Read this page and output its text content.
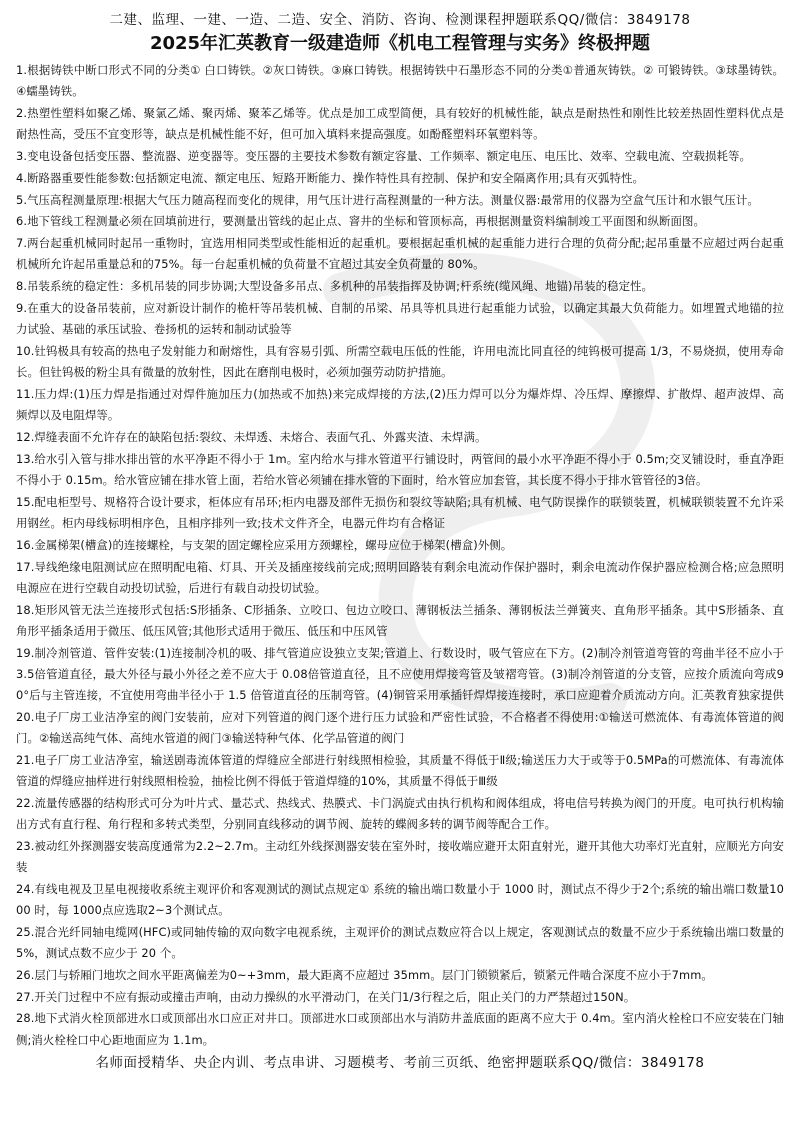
二建、监理、一建、一造、二造、安全、消防、咨询、检测课程押题联系QQ/微信：3849178
2025年汇英教育一级建造师《机电工程管理与实务》终极押题

1.根据铸铁中断口形式不同的分类① 白口铸铁。②灰口铸铁。③麻口铸铁。根据铸铁中石墨形态不同的分类①普通灰铸铁。② 可锻铸铁。③球墨铸铁。④蠕墨铸铁。

2.热塑性塑料如聚乙烯、聚氯乙烯、聚丙烯、聚苯乙烯等。优点是加工成型简便，具有较好的机械性能，缺点是耐热性和刚性比较差热固性塑料优点是耐热性高，受压不宜变形等，缺点是机械性能不好，但可加入填料来提高强度。如酚醛塑料环氧塑料等。

3.变电设备包括变压器、整流器、逆变器等。变压器的主要技术参数有额定容量、工作频率、额定电压、电压比、效率、空载电流、空载损耗等。

4.断路器重要性能参数:包括额定电流、额定电压、短路开断能力、操作特性具有控制、保护和安全隔离作用;具有灭弧特性。

5.气压高程测量原理:根据大气压力随高程而变化的规律，用气压计进行高程测量的一种方法。测量仪器:最常用的仪器为空盒气压计和水银气压计。

6.地下管线工程测量必须在回填前进行，要测量出管线的起止点、窨井的坐标和管顶标高，再根据测量资料编制竣工平面图和纵断面图。

7.两台起重机械同时起吊一重物时，宜选用相同类型或性能相近的起重机。要根据起重机械的起重能力进行合理的负荷分配;起吊重量不应超过两台起重机械所允许起吊重量总和的75%。每一台起重机械的负荷量不宜超过其安全负荷量的 80%。

8.吊装系统的稳定性：多机吊装的同步协调;大型设备多吊点、多机种的吊装指挥及协调;杆系统(缆风绳、地锚)吊装的稳定性。

9.在重大的设备吊装前，应对新设计制作的桅杆等吊装机械、自制的吊梁、吊具等机具进行起重能力试验，以确定其最大负荷能力。如埋置式地锚的拉力试验、基础的承压试验、卷扬机的运转和制动试验等

10.钍钨极具有较高的热电子发射能力和耐熔性，具有容易引弧、所需空载电压低的性能，许用电流比同直径的纯钨极可提高 1/3，不易烧损，使用寿命长。但钍钨极的粉尘具有微量的放射性，因此在磨削电极时，必须加强劳动防护措施。

11.压力焊:(1)压力焊是指通过对焊件施加压力(加热或不加热)来完成焊接的方法,(2)压力焊可以分为爆炸焊、冷压焊、摩擦焊、扩散焊、超声波焊、高频焊以及电阻焊等。

12.焊缝表面不允许存在的缺陷包括:裂纹、未焊透、未熔合、表面气孔、外露夹渣、未焊满。

13.给水引入管与排水排出管的水平净距不得小于 1m。室内给水与排水管道平行铺设时，两管间的最小水平净距不得小于 0.5m;交叉铺设时，垂直净距不得小于 0.15m。给水管应铺在排水管上面，若给水管必须铺在排水管的下面时，给水管应加套管，其长度不得小于排水管管径的3倍。

15.配电柜型号、规格符合设计要求，柜体应有吊环;柜内电器及部件无损伤和裂纹等缺陷;具有机械、电气防误操作的联锁装置，机械联锁装置不允许采用钢丝。柜内母线标明相序色，且相序排列一致;技术文件齐全，电器元件均有合格证

16.金属梯架(槽盒)的连接螺栓，与支架的固定螺栓应采用方颈螺栓，螺母应位于梯架(槽盒)外侧。

17.导线绝缘电阻测试应在照明配电箱、灯具、开关及插座接线前完成;照明回路装有剩余电流动作保护器时，剩余电流动作保护器应检测合格;应急照明电源应在进行空载自动投切试验，后进行有载自动投切试验。

18.矩形风管无法兰连接形式包括:S形插条、C形插条、立咬口、包边立咬口、薄钢板法兰插条、薄钢板法兰弹簧夹、直角形平插条。其中S形插条、直角形平插条适用于微压、低压风管;其他形式适用于微压、低压和中压风管

19.制冷剂管道、管件安装:(1)连接制冷机的吸、排气管道应设独立支架;管道上、行数设时，吸气管应在下方。(2)制冷剂管道弯管的弯曲半径不应小于3.5倍管道直径，最大外径与最小外径之差不应大于 0.08倍管道直径，且不应使用焊接弯管及皱褶弯管。(3)制冷剂管道的分支管，应按介质流向弯成90°后与主管连接，不宜使用弯曲半径小于 1.5 倍管道直径的压制弯管。(4)铜管采用承插钎焊焊接连接时，承口应迎着介质流动方向。汇英教育独家提供

20.电子厂房工业洁净室的阀门安装前，应对下列管道的阀门逐个进行压力试验和严密性试验，不合格者不得使用:①输送可燃流体、有毒流体管道的阀门。②输送高纯气体、高纯水管道的阀门③输送特种气体、化学品管道的阀门

21.电子厂房工业洁净室，输送剧毒流体管道的焊缝应全部进行射线照相检验，其质量不得低于Ⅱ级;输送压力大于或等于0.5MPa的可燃流体、有毒流体管道的焊缝应抽样进行射线照相检验，抽检比例不得低于管道焊缝的10%，其质量不得低于Ⅲ级

22.流量传感器的结构形式可分为叶片式、量芯式、热线式、热膜式、卡门涡旋式由执行机构和阀体组成，将电信号转换为阀门的开度。电可执行机构输出方式有直行程、角行程和多转式类型，分别同直线移动的调节阀、旋转的蝶阀多转的调节阀等配合工作。

23.被动红外探测器安装高度通常为2.2~2.7m。主动红外线探测器安装在室外时，接收端应避开太阳直射光，避开其他大功率灯光直射，应顺光方向安装

24.有线电视及卫星电视接收系统主观评价和客观测试的测试点规定① 系统的输出端口数量小于 1000 时，测试点不得少于2个;系统的输出端口数量1000 时，每 1000点应选取2~3个测试点。

25.混合光纤同轴电缆网(HFC)或同轴传输的双向数字电视系统，主观评价的测试点数应符合以上规定，客观测试点的数量不应少于系统输出端口数量的 5%，测试点数不应少于 20 个。

26.层门与轿厢门地坎之间水平距离偏差为0~+3mm，最大距离不应超过 35mm。层门门锁锁紧后，锁紧元件啮合深度不应小于7mm。

27.开关门过程中不应有振动或撞击声响，由动力操纵的水平滑动门，在关门1/3行程之后，阻止关门的力严禁超过150N。

28.地下式消火栓顶部进水口或顶部出水口应正对井口。顶部进水口或顶部出水与消防井盖底面的距离不应大于 0.4m。室内消火栓栓口不应安装在门轴侧;消火栓栓口中心距地面应为 1.1m。

名师面授精华、央企内训、考点串讲、习题模考、考前三页纸、绝密押题联系QQ/微信：3849178
